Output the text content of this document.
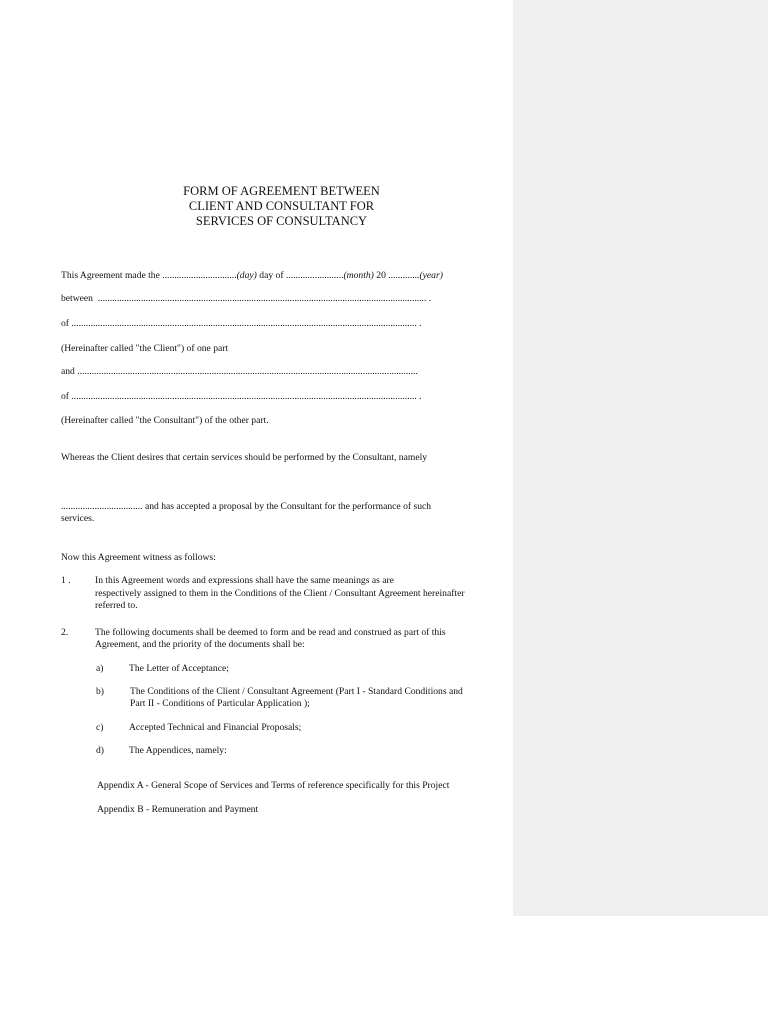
FORM OF AGREEMENT BETWEEN
CLIENT AND CONSULTANT FOR
SERVICES OF CONSULTANCY
This Agreement made the ...............................(day) day of ........................(month) 20 .............(year)
between ......................................................................................................................................... .
of ................................................................................................................................................ .
(Hereinafter called "the Client") of one part
and ..............................................................................................................................................
of ................................................................................................................................................ .
(Hereinafter called "the Consultant") of the other part.
Whereas the Client desires that certain services should be performed by the Consultant, namely
.................................. and has accepted a proposal by the Consultant for the performance of such
services.
Now this Agreement witness as follows:
1 .	In this Agreement words and expressions shall have the same meanings as are
respectively assigned to them in the Conditions of the Client / Consultant Agreement hereinafter
referred to.
2.	The following documents shall be deemed to form and be read and construed as part of this
Agreement, and the priority of the documents shall be:
a)	The Letter of Acceptance;
b)	The Conditions of the Client / Consultant Agreement (Part I - Standard Conditions and
Part II - Conditions of Particular Application );
c)	Accepted Technical and Financial Proposals;
d)	The Appendices, namely:
Appendix A - General Scope of Services and Terms of reference specifically for this Project
Appendix B - Remuneration and Payment
